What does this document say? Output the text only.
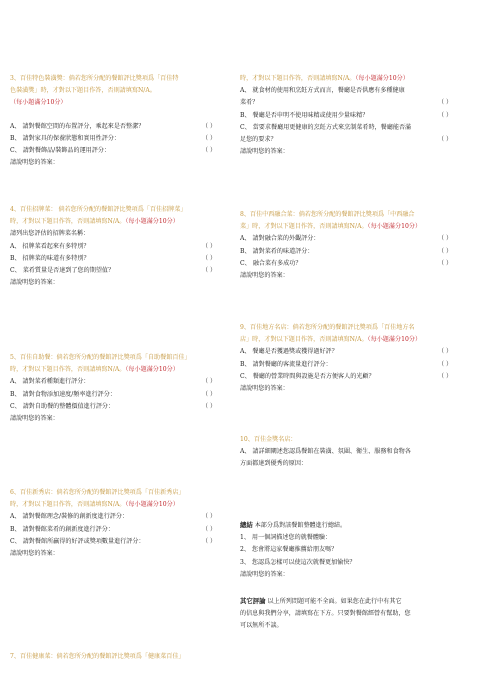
3、百佳特色裝潢獎：倘若您所分配的餐館評比獎項爲「百佳特
色裝潢獎」時，才對以下題目作答，否則請填寫N/A。
（每小題滿分10分）
A、 請對餐館空間的布置評分，乘起來是否整潔？	（ ）
B、 請對家具的保養狀態和實用性評分：	（ ）
C、 請對餐飾品/裝飾品的運用評分：	（ ）
請說明您的答案：
4、百佳招牌菜： 倘若您所分配的餐館評比獎項爲「百佳招牌菜」
時，才對以下題目作答，否則請填寫N/A。（每小題滿分10分）
請列出您評估的招牌菜名稱：
A、 招牌菜看起來有多特別？	（ ）
B、 招牌菜的味道有多特別？	（ ）
C、 菜肴質量是否達到了您的期望值？	（ ）
請說明您的答案：
5、百佳自助餐：倘若您所分配的餐館評比獎項爲「自助餐館百佳」
時，才對以下題目作答，否則請填寫N/A。（每小題滿分10分）
A、 請對菜肴種類進行評分：	（ ）
B、 請對食物添加速度/頻率進行評分：	（ ）
C、 請對自助餐的整體價值進行評分：	（ ）
請說明您的答案：
6、百佳新秀店：倘若您所分配的餐館評比獎項爲「百佳新秀店」
時，才對以下題目作答，否則請填寫N/A。（每小題滿分10分）
A、 請對餐館理念/裝修的創新度進行評分：	（ ）
B、 請對餐館菜肴的創新度進行評分：	（ ）
C、 請對餐館所贏得的好評或獎項數量進行評分：	（ ）
請說明您的答案：
7、百佳健康菜：倘若您所分配的餐館評比獎項爲「健康菜百佳」
時，才對以下題目作答，否則請填寫N/A。（每小題滿分10分）
A、 就食材的使用和烹飪方式而言，餐廳是否供應有多種健康
菜肴？	（ ）
B、 餐廳是否申明不使用味精或使用少量味精？	（ ）
C、 當要求餐廳用更健康的烹飪方式來烹制菜肴時，餐廳能否滿
足您的要求？	（ ）
請說明您的答案：
8、百佳中西融合菜：倘若您所分配的餐館評比獎項爲「中西融合
菜」時，才對以下題目作答，否則請填寫N/A。（每小題滿分10分）
A、 請對融合菜的外觀評分：	（ ）
B、 請對菜肴的味道評分：	（ ）
C、 融合菜有多成功？	（ ）
請說明您的答案：
9、百佳地方名店：倘若您所分配的餐館評比獎項爲「百佳地方名
店」時，才對以下題目作答，否則請填寫N/A。（每小題滿分10分）
A、 餐廳是否獲過獎或獲得過好評？	（ ）
B、 請對餐廳的客流量進行評分：	（ ）
C、 餐廳的營業時間與設施是否方便客人的光顧？	（ ）
請說明您的答案：
10、百佳金獎名店：
A、 請詳細闡述您認爲餐館在裝潢、氛圍、衛生、服務和食物各
方面都達到優秀的原因：
總結 本部分爲對該餐館整體進行總結。
1、 用一個詞描述您的就餐體驗：
2、 您會將這家餐廳推薦給朋友嗎？
3、 您認爲怎樣可以使這次就餐更加愉快？
請說明您的答案：
其它評論 以上所列問題可能不全面。如果您在此行中有其它
的信息與我們分享，請填寫在下方。只要對餐館經營有幫助，您
可以無所不談。
